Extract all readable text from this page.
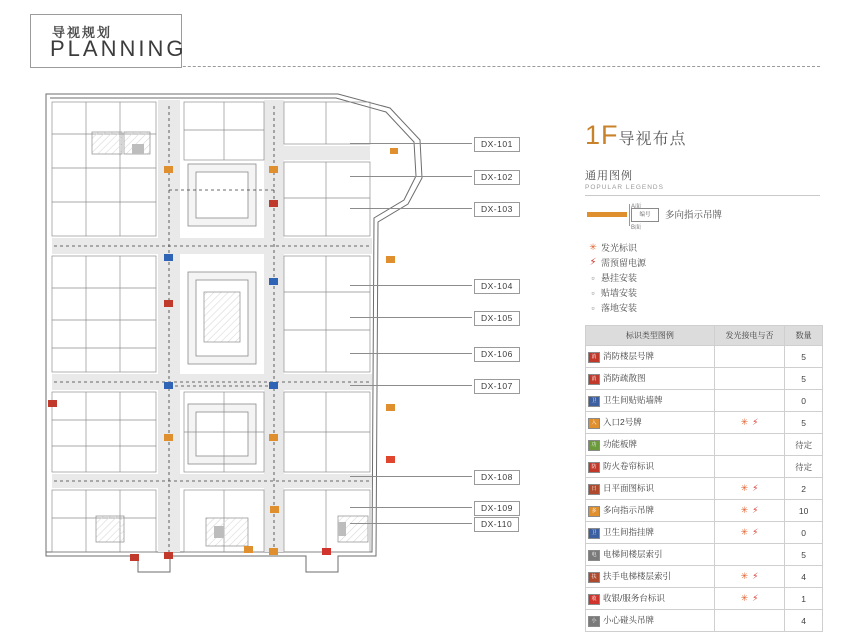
导视规划
PLANNING
DX-101
DX-102
DX-103
DX-104
DX-105
DX-106
DX-107
DX-108
DX-109
DX-110
1F导视布点
通用图例
POPULAR LEGENDS
A面
编号
B面
多向指示吊牌
✳ 发光标识
⚡ 需预留电源
▫ 悬挂安装
▫ 贴墙安装
▫ 落地安装
标识类型图例	发光接电与否	数量
消 消防楼层号牌		5
消 消防疏散图		5
卫 卫生间贴贴墙牌		0
入 入口2号牌	✳ ⚡	5
功 功能板牌		待定
防 防火卷帘标识		待定
日 日平面图标识	✳ ⚡	2
多 多向指示吊牌	✳ ⚡	10
卫 卫生间指挂牌	✳ ⚡	0
电 电梯间楼层索引		5
扶 扶手电梯楼层索引	✳ ⚡	4
收 收银/服务台标识	✳ ⚡	1
小 小心碰头吊牌		4
